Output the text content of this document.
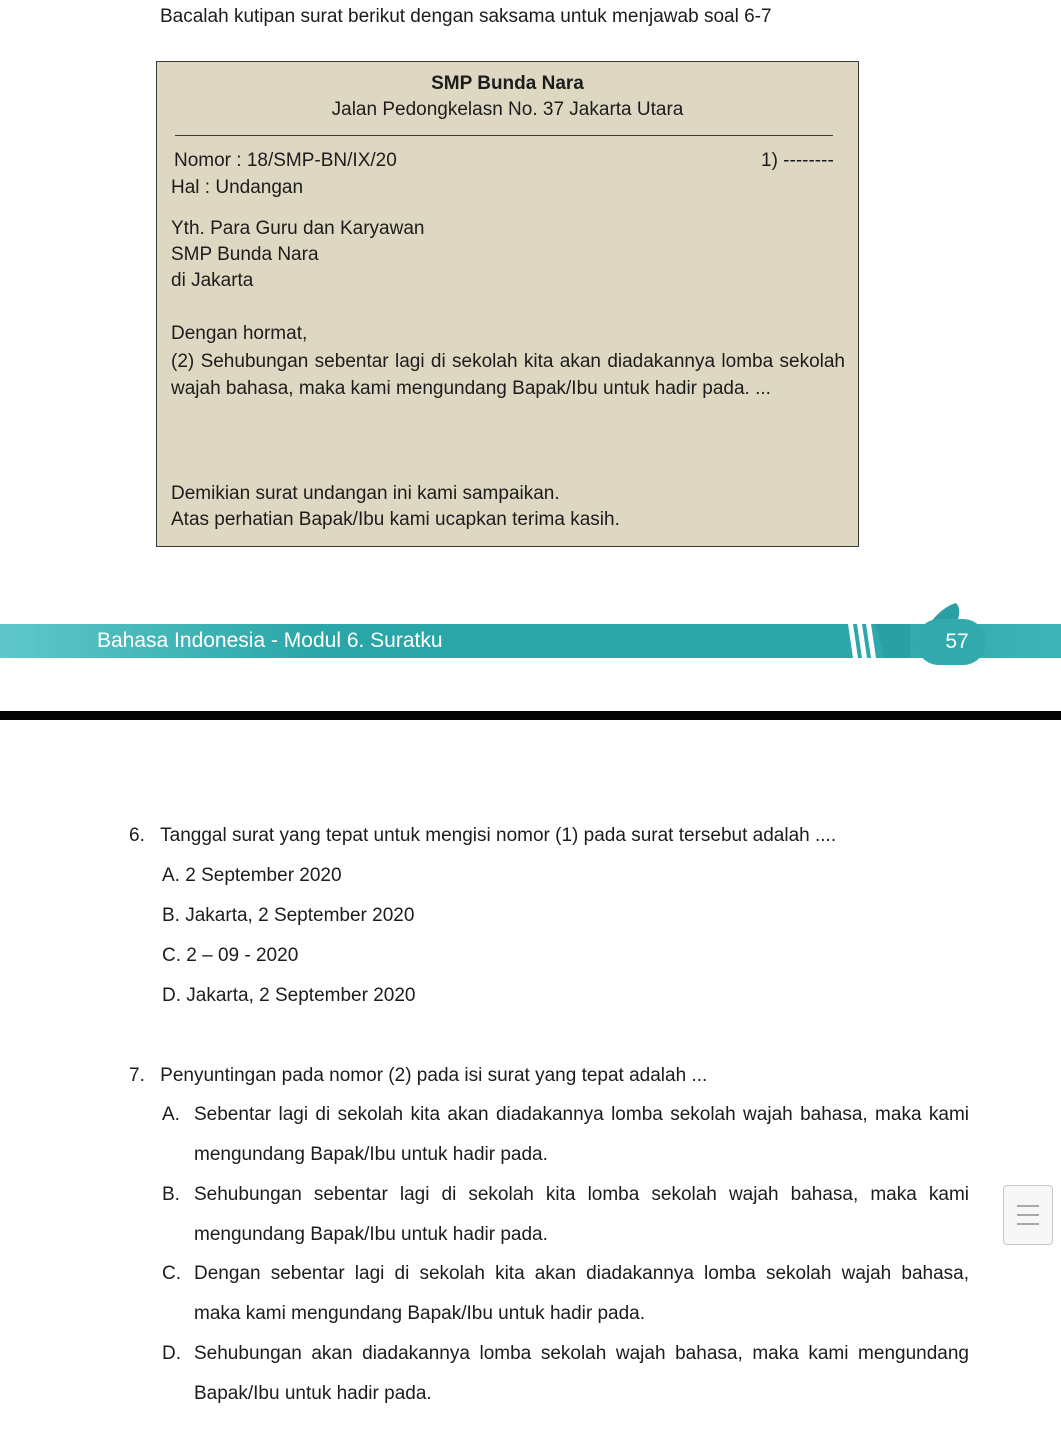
Bacalah kutipan surat berikut dengan saksama untuk menjawab soal 6-7
SMP Bunda Nara
Jalan Pedongkelasn No. 37 Jakarta Utara
Nomor : 18/SMP-BN/IX/20	1) --------
Hal : Undangan
Yth. Para Guru dan Karyawan
SMP Bunda Nara
di Jakarta
Dengan hormat,
(2) Sehubungan sebentar lagi di sekolah kita akan diadakannya lomba sekolah wajah bahasa, maka kami mengundang Bapak/Ibu untuk hadir pada. ...
Demikian surat undangan ini kami sampaikan.
Atas perhatian Bapak/Ibu kami ucapkan terima kasih.
Bahasa Indonesia - Modul 6. Suratku	57
6. Tanggal surat yang tepat untuk mengisi nomor (1) pada surat tersebut adalah ....
A. 2 September 2020
B. Jakarta, 2 September 2020
C. 2 – 09 - 2020
D. Jakarta, 2 September 2020
7. Penyuntingan pada nomor (2) pada isi surat yang tepat adalah ...
A. Sebentar lagi di sekolah kita akan diadakannya lomba sekolah wajah bahasa, maka kami
mengundang Bapak/Ibu untuk hadir pada.
B. Sehubungan sebentar lagi di sekolah kita lomba sekolah wajah bahasa, maka kami
mengundang Bapak/Ibu untuk hadir pada.
C. Dengan sebentar lagi di sekolah kita akan diadakannya lomba sekolah wajah bahasa,
maka kami mengundang Bapak/Ibu untuk hadir pada.
D. Sehubungan akan diadakannya lomba sekolah wajah bahasa, maka kami mengundang
Bapak/Ibu untuk hadir pada.
